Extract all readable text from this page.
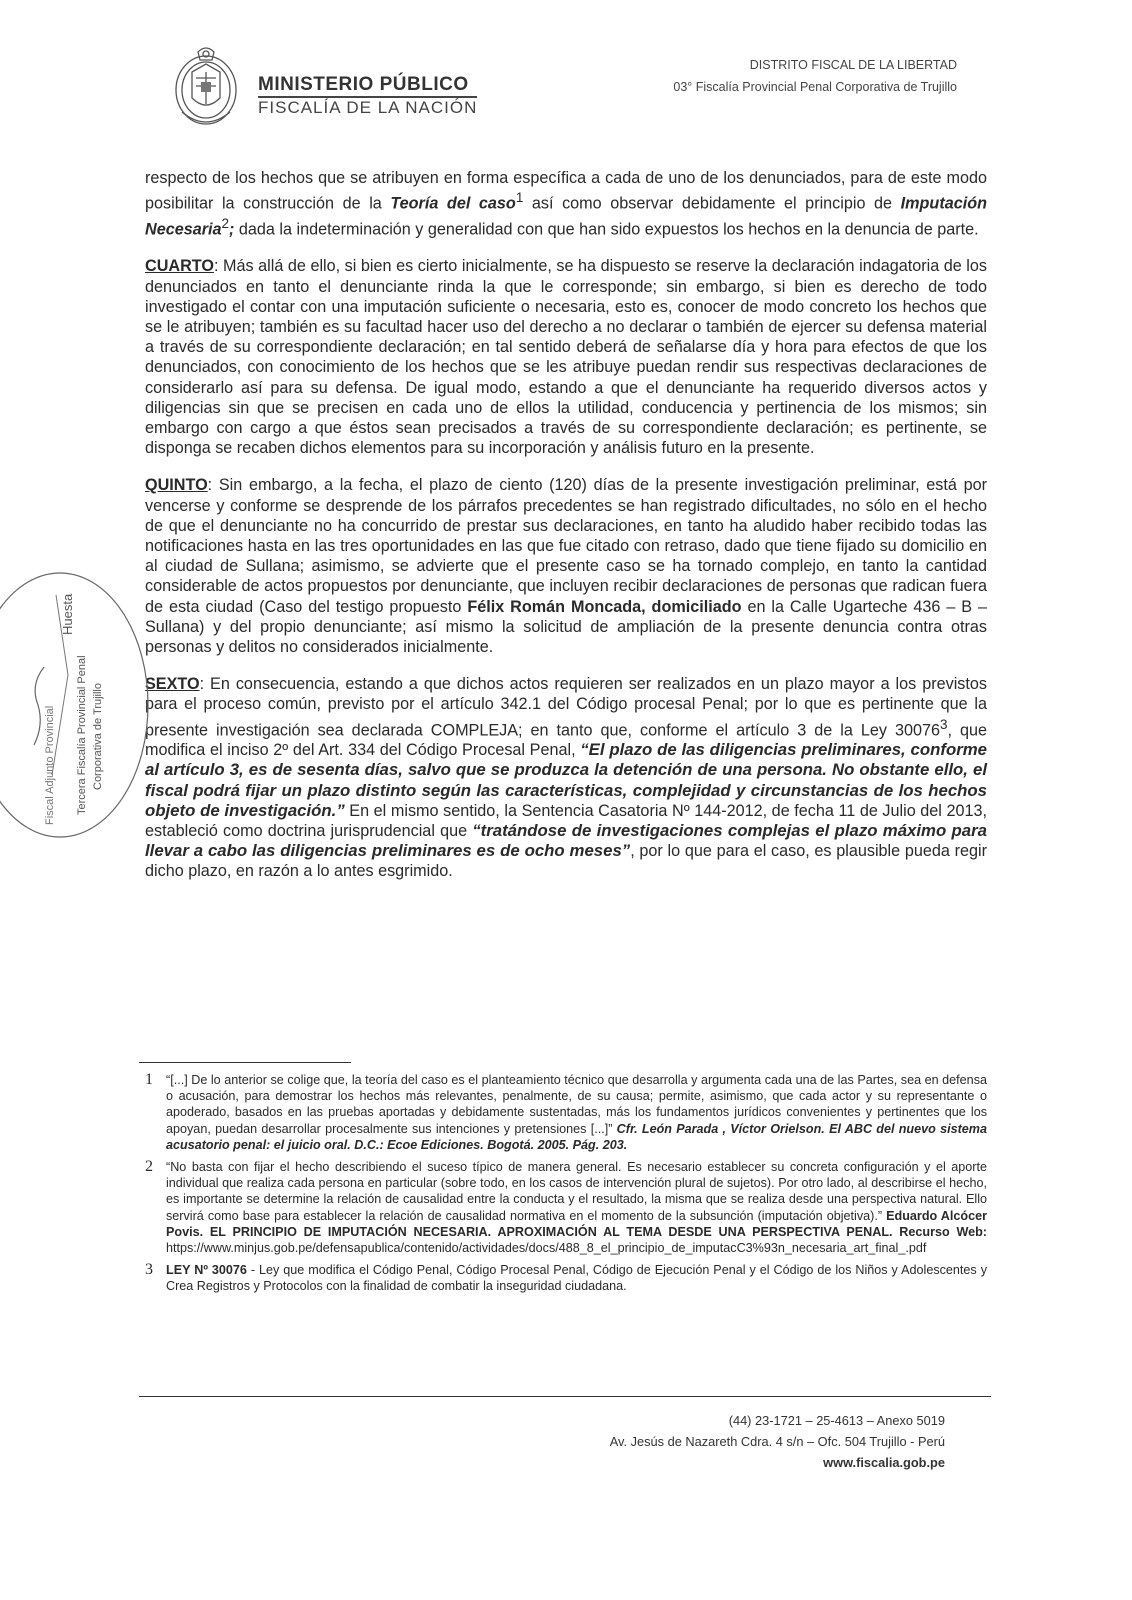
MINISTERIO PÚBLICO
FISCALÍA DE LA NACIÓN
DISTRITO FISCAL DE LA LIBERTAD
03° Fiscalía Provincial Penal Corporativa de Trujillo

respecto de los hechos que se atribuyen en forma específica a cada de uno de los denunciados, para de este modo posibilitar la construcción de la Teoría del caso$^1$ así como observar debidamente el principio de Imputación Necesaria$^2$; dada la indeterminación y generalidad con que han sido expuestos los hechos en la denuncia de parte.

CUARTO: Más allá de ello, si bien es cierto inicialmente, se ha dispuesto se reserve la declaración indagatoria de los denunciados en tanto el denunciante rinda la que le corresponde; sin embargo, si bien es derecho de todo investigado el contar con una imputación suficiente o necesaria, esto es, conocer de modo concreto los hechos que se le atribuyen; también es su facultad hacer uso del derecho a no declarar o también de ejercer su defensa material a través de su correspondiente declaración; en tal sentido deberá de señalarse día y hora para efectos de que los denunciados, con conocimiento de los hechos que se les atribuye puedan rendir sus respectivas declaraciones de considerarlo así para su defensa. De igual modo, estando a que el denunciante ha requerido diversos actos y diligencias sin que se precisen en cada uno de ellos la utilidad, conducencia y pertinencia de los mismos; sin embargo con cargo a que éstos sean precisados a través de su correspondiente declaración; es pertinente, se disponga se recaben dichos elementos para su incorporación y análisis futuro en la presente.

QUINTO: Sin embargo, a la fecha, el plazo de ciento (120) días de la presente investigación preliminar, está por vencerse y conforme se desprende de los párrafos precedentes se han registrado dificultades, no sólo en el hecho de que el denunciante no ha concurrido de prestar sus declaraciones, en tanto ha aludido haber recibido todas las notificaciones hasta en las tres oportunidades en las que fue citado con retraso, dado que tiene fijado su domicilio en al ciudad de Sullana; asimismo, se advierte que el presente caso se ha tornado complejo, en tanto la cantidad considerable de actos propuestos por denunciante, que incluyen recibir declaraciones de personas que radican fuera de esta ciudad (Caso del testigo propuesto Félix Román Moncada, domiciliado en la Calle Ugarteche 436 – B – Sullana) y del propio denunciante; así mismo la solicitud de ampliación de la presente denuncia contra otras personas y delitos no considerados inicialmente.

SEXTO: En consecuencia, estando a que dichos actos requieren ser realizados en un plazo mayor a los previstos para el proceso común, previsto por el artículo 342.1 del Código procesal Penal; por lo que es pertinente que la presente investigación sea declarada COMPLEJA; en tanto que, conforme el artículo 3 de la Ley 30076$^3$, que modifica el inciso 2º del Art. 334 del Código Procesal Penal, “El plazo de las diligencias preliminares, conforme al artículo 3, es de sesenta días, salvo que se produzca la detención de una persona. No obstante ello, el fiscal podrá fijar un plazo distinto según las características, complejidad y circunstancias de los hechos objeto de investigación.” En el mismo sentido, la Sentencia Casatoria Nº 144-2012, de fecha 11 de Julio del 2013, estableció como doctrina jurisprudencial que “tratándose de investigaciones complejas el plazo máximo para llevar a cabo las diligencias preliminares es de ocho meses”, por lo que para el caso, es plausible pueda regir dicho plazo, en razón a lo antes esgrimido.

1	“[...] De lo anterior se colige que, la teoría del caso es el planteamiento técnico que desarrolla y argumenta cada una de las Partes, sea en defensa o acusación, para demostrar los hechos más relevantes, penalmente, de su causa; permite, asimismo, que cada actor y su representante o apoderado, basados en las pruebas aportadas y debidamente sustentadas, más los fundamentos jurídicos convenientes y pertinentes que los apoyan, puedan desarrollar procesalmente sus intenciones y pretensiones [...]” Cfr. León Parada , Víctor Orielson. El ABC del nuevo sistema acusatorio penal: el juicio oral. D.C.: Ecoe Ediciones. Bogotá. 2005. Pág. 203.
2	“No basta con fijar el hecho describiendo el suceso típico de manera general. Es necesario establecer su concreta configuración y el aporte individual que realiza cada persona en particular (sobre todo, en los casos de intervención plural de sujetos). Por otro lado, al describirse el hecho, es importante se determine la relación de causalidad entre la conducta y el resultado, la misma que se realiza desde una perspectiva natural. Ello servirá como base para establecer la relación de causalidad normativa en el momento de la subsunción (imputación objetiva).” Eduardo Alcócer Povis. EL PRINCIPIO DE IMPUTACIÓN NECESARIA. APROXIMACIÓN AL TEMA DESDE UNA PERSPECTIVA PENAL. Recurso Web: https://www.minjus.gob.pe/defensapublica/contenido/actividades/docs/488_8_el_principio_de_imputacC3%93n_necesaria_art_final_.pdf
3	LEY Nº 30076 - Ley que modifica el Código Penal, Código Procesal Penal, Código de Ejecución Penal y el Código de los Niños y Adolescentes y Crea Registros y Protocolos con la finalidad de combatir la inseguridad ciudadana.
(44) 23-1721 – 25-4613 – Anexo 5019
Av. Jesús de Nazareth Cdra. 4 s/n – Ofc. 504 Trujillo - Perú
www.fiscalia.gob.pe
Tercera Fiscalía Provincial Penal Corporativa de Trujillo
Fiscal Adjunto Provincial
Huesta
